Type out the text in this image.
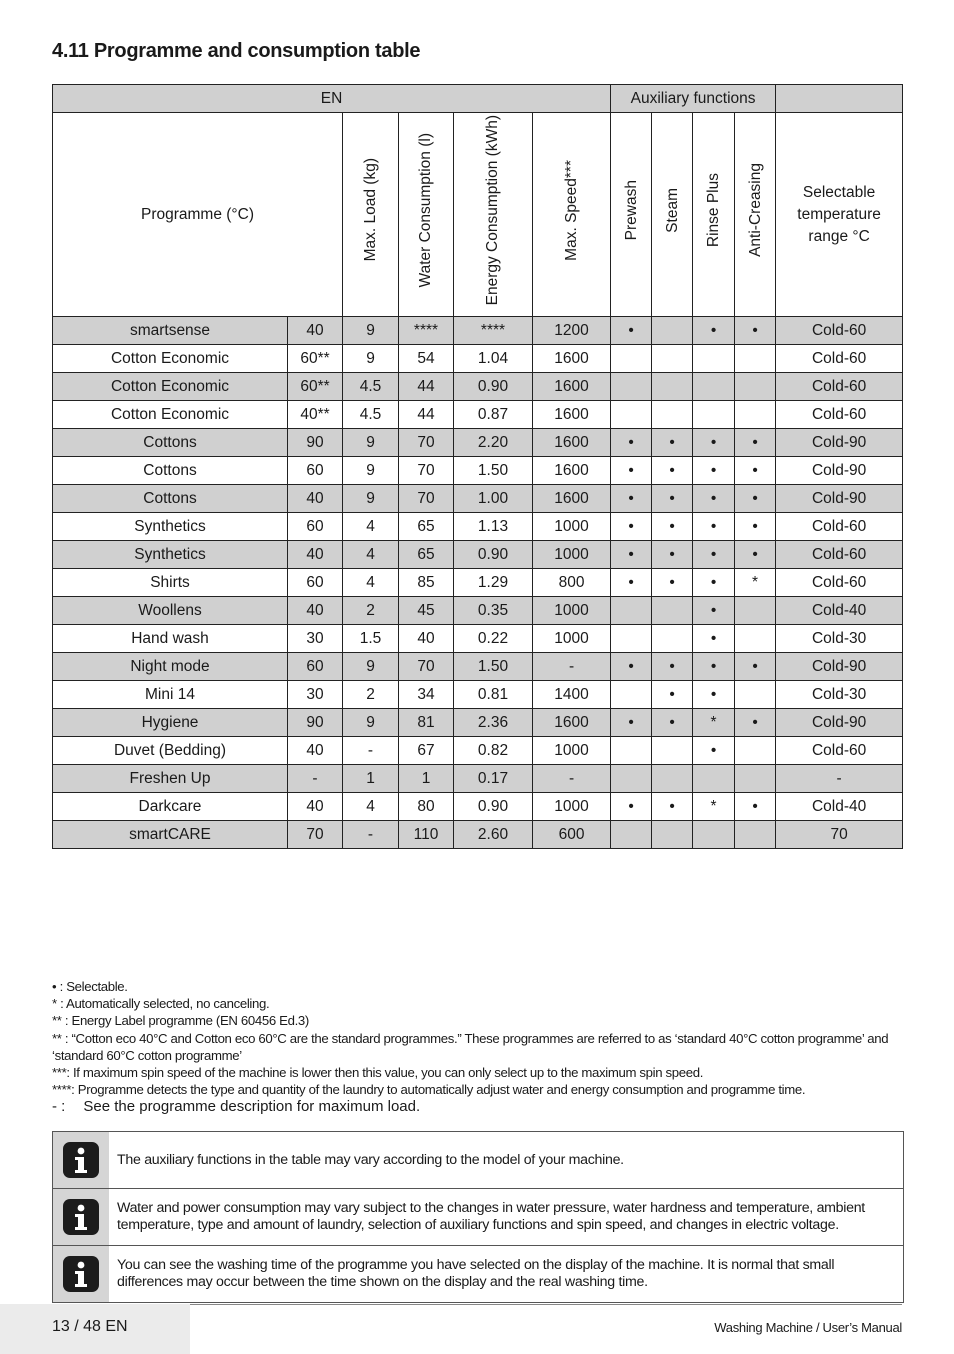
4.11 Programme and consumption table
EN						Auxiliary functions				
Programme (°C)		Max. Load (kg)	Water Consumption (l)	Energy Consumption (kWh)	Max. Speed***	Prewash	Steam	Rinse Plus	Anti-Creasing	Selectable temperature range °C

smartsense	40	9	****	****	1200	•		•	•	Cold-60
Cotton Economic	60**	9	54	1.04	1600					Cold-60
Cotton Economic	60**	4.5	44	0.90	1600					Cold-60
Cotton Economic	40**	4.5	44	0.87	1600					Cold-60
Cottons	90	9	70	2.20	1600	•	•	•	•	Cold-90
Cottons	60	9	70	1.50	1600	•	•	•	•	Cold-90
Cottons	40	9	70	1.00	1600	•	•	•	•	Cold-90
Synthetics	60	4	65	1.13	1000	•	•	•	•	Cold-60
Synthetics	40	4	65	0.90	1000	•	•	•	•	Cold-60
Shirts	60	4	85	1.29	800	•	•	•	*	Cold-60
Woollens	40	2	45	0.35	1000			•		Cold-40
Hand wash	30	1.5	40	0.22	1000			•		Cold-30
Night mode	60	9	70	1.50	-	•	•	•	•	Cold-90
Mini 14	30	2	34	0.81	1400		•	•		Cold-30
Hygiene	90	9	81	2.36	1600	•	•	*	•	Cold-90
Duvet (Bedding)	40	-	67	0.82	1000			•		Cold-60
Freshen Up	-	1	1	0.17	-					-
Darkcare	40	4	80	0.90	1000	•	•	*	•	Cold-40
smartCARE	70	-	110	2.60	600					70
• : Selectable.
* : Automatically selected, no canceling.
** : Energy Label programme (EN 60456 Ed.3)
** : “Cotton eco 40°C and Cotton eco 60°C are the standard programmes.” These programmes are referred to as ‘standard 40°C cotton programme’ and ‘standard 60°C cotton programme’
***: If maximum spin speed of the machine is lower then this value, you can only select up to the maximum spin speed.
****: Programme detects the type and quantity of the laundry to automatically adjust water and energy consumption and programme time.
- : See the programme description for maximum load.
The auxiliary functions in the table may vary according to the model of your machine.
Water and power consumption may vary subject to the changes in water pressure, water hardness and temperature, ambient temperature, type and amount of laundry, selection of auxiliary functions and spin speed, and changes in electric voltage.
You can see the washing time of the programme you have selected on the display of the machine. It is normal that small differences may occur between the time shown on the display and the real washing time.
13 / 48 EN	Washing Machine / User’s Manual
